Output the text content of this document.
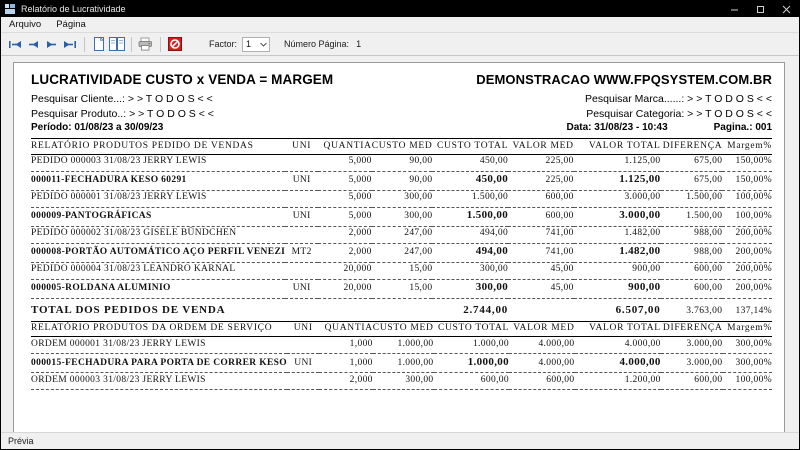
Relatório de Lucratividade
Arquivo Página
Factor:	1	Número Página: 1
LUCRATIVIDADE CUSTO x VENDA = MARGEM
Pesquisar Cliente...: > > T O D O S < <
Pesquisar Produto..: > > T O D O S < <
Período: 01/08/23 a 30/09/23
DEMONSTRACAO WWW.FPQSYSTEM.COM.BR
Pesquisar Marca......: > > T O D O S < <
Pesquisar Categoria: > > T O D O S < <
Data: 31/08/23 - 10:43	Pagina.: 001
RELATÓRIO PRODUTOS PEDIDO DE VENDAS	UNI	QUANTIA	CUSTO MED	CUSTO TOTAL	VALOR MED	VALOR TOTAL	DIFERENÇA	Margem%

PEDIDO 000003 31/08/23 JERRY LEWIS		5,000	90,00	450,00	225,00	1.125,00	675,00	150,00%

000011-FECHADURA KESO 60291	UNI	5,000	90,00	450,00	225,00	1.125,00	675,00	150,00%

PEDIDO 000001 31/08/23 JERRY LEWIS		5,000	300,00	1.500,00	600,00	3.000,00	1.500,00	100,00%

000009-PANTOGRÁFICAS	UNI	5,000	300,00	1.500,00	600,00	3.000,00	1.500,00	100,00%

PEDIDO 000002 31/08/23 GISELE BÜNDCHEN		2,000	247,00	494,00	741,00	1.482,00	988,00	200,00%

000008-PORTÃO AUTOMÁTICO AÇO PERFIL VENEZI	MT2	2,000	247,00	494,00	741,00	1.482,00	988,00	200,00%

PEDIDO 000004 31/08/23 LEANDRO KARNAL		20,000	15,00	300,00	45,00	900,00	600,00	200,00%

000005-ROLDANA ALUMINIO	UNI	20,000	15,00	300,00	45,00	900,00	600,00	200,00%

TOTAL DOS PEDIDOS DE VENDA				2.744,00		6.507,00	3.763,00	137,14%

RELATÓRIO PRODUTOS DA ORDEM DE SERVIÇO	UNI	QUANTIA	CUSTO MED	CUSTO TOTAL	VALOR MED	VALOR TOTAL	DIFERENÇA	Margem%

ORDEM 000001 31/08/23 JERRY LEWIS		1,000	1.000,00	1.000,00	4.000,00	4.000,00	3.000,00	300,00%

000015-FECHADURA PARA PORTA DE CORRER KESO	UNI	1,000	1.000,00	1.000,00	4.000,00	4.000,00	3.000,00	300,00%

ORDEM 000003 31/08/23 JERRY LEWIS		2,000	300,00	600,00	600,00	1.200,00	600,00	100,00%

Prévia
